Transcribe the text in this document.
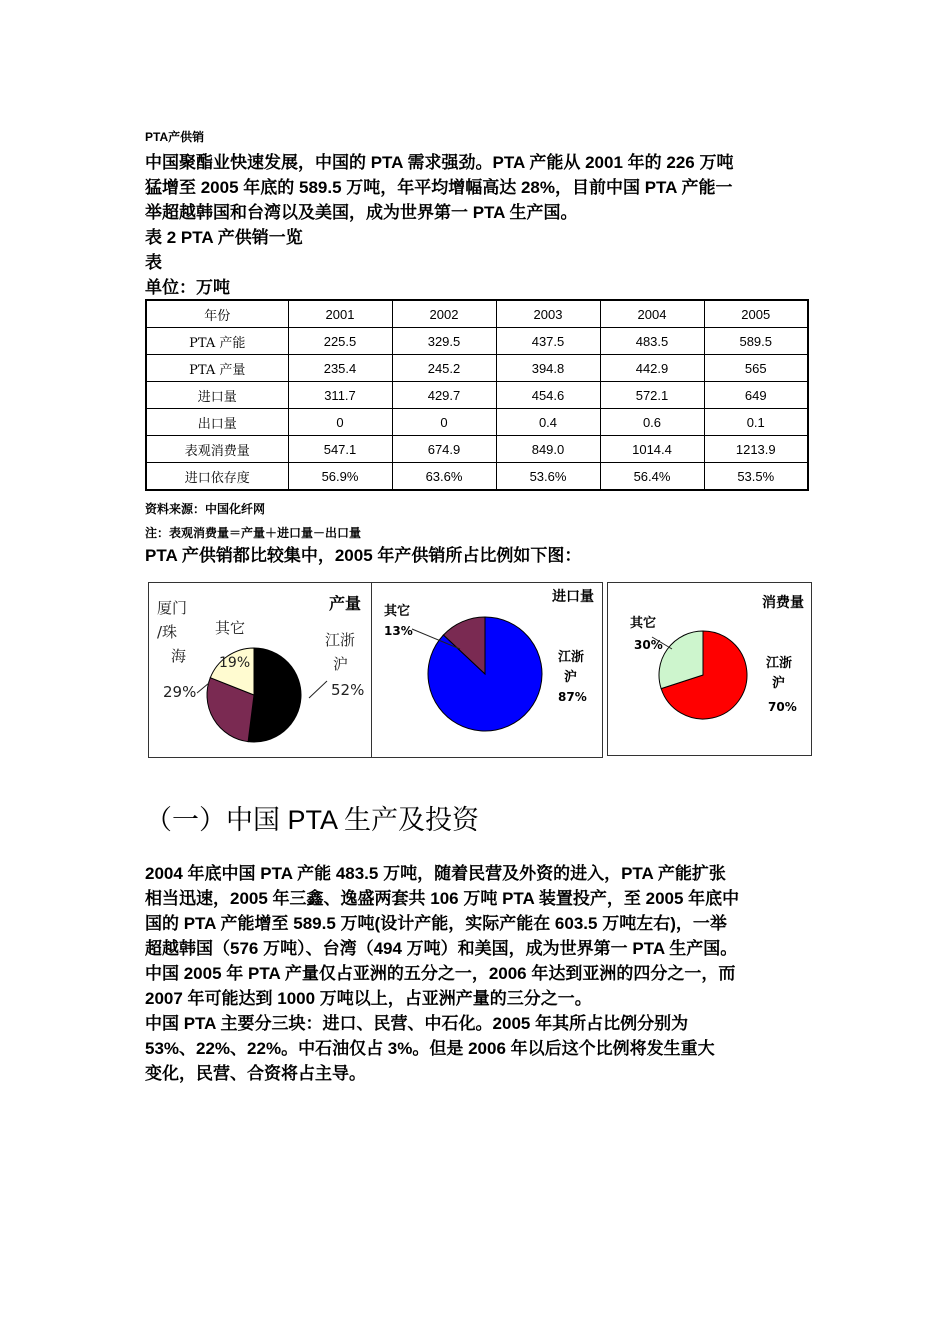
PTA产供销
中国聚酯业快速发展，中国的 PTA 需求强劲。PTA 产能从 2001 年的 226 万吨
猛增至 2005 年底的 589.5 万吨，年平均增幅高达 28%，目前中国 PTA 产能一
举超越韩国和台湾以及美国，成为世界第一 PTA 生产国。
表 2 PTA 产供销一览
表
单位：万吨
年份	2001	2002	2003	2004	2005
PTA 产能	225.5	329.5	437.5	483.5	589.5
PTA 产量	235.4	245.2	394.8	442.9	565
进口量	311.7	429.7	454.6	572.1	649
出口量	0	0	0.4	0.6	0.1
表观消费量	547.1	674.9	849.0	1014.4	1213.9
进口依存度	56.9%	63.6%	53.6%	56.4%	53.5%
资料来源：中国化纤网
注：表观消费量＝产量＋进口量－出口量
PTA 产供销都比较集中，2005 年产供销所占比例如下图：
产量
厦门
/珠
海
29%
其它
19%
江浙
沪
52%
进口量
其它
13%
江浙
沪
87%
消费量
其它
30%
江浙
沪
70%
（一）中国 PTA 生产及投资
2004 年底中国 PTA 产能 483.5 万吨，随着民营及外资的进入，PTA 产能扩张
相当迅速，2005 年三鑫、逸盛两套共 106 万吨 PTA 装置投产，至 2005 年底中
国的 PTA 产能增至 589.5 万吨(设计产能，实际产能在 603.5 万吨左右)，一举
超越韩国（576 万吨）、台湾（494 万吨）和美国，成为世界第一 PTA 生产国。
中国 2005 年 PTA 产量仅占亚洲的五分之一，2006 年达到亚洲的四分之一，而
2007 年可能达到 1000 万吨以上，占亚洲产量的三分之一。
中国 PTA 主要分三块：进口、民营、中石化。2005 年其所占比例分别为
53%、22%、22%。中石油仅占 3%。但是 2006 年以后这个比例将发生重大
变化，民营、合资将占主导。
